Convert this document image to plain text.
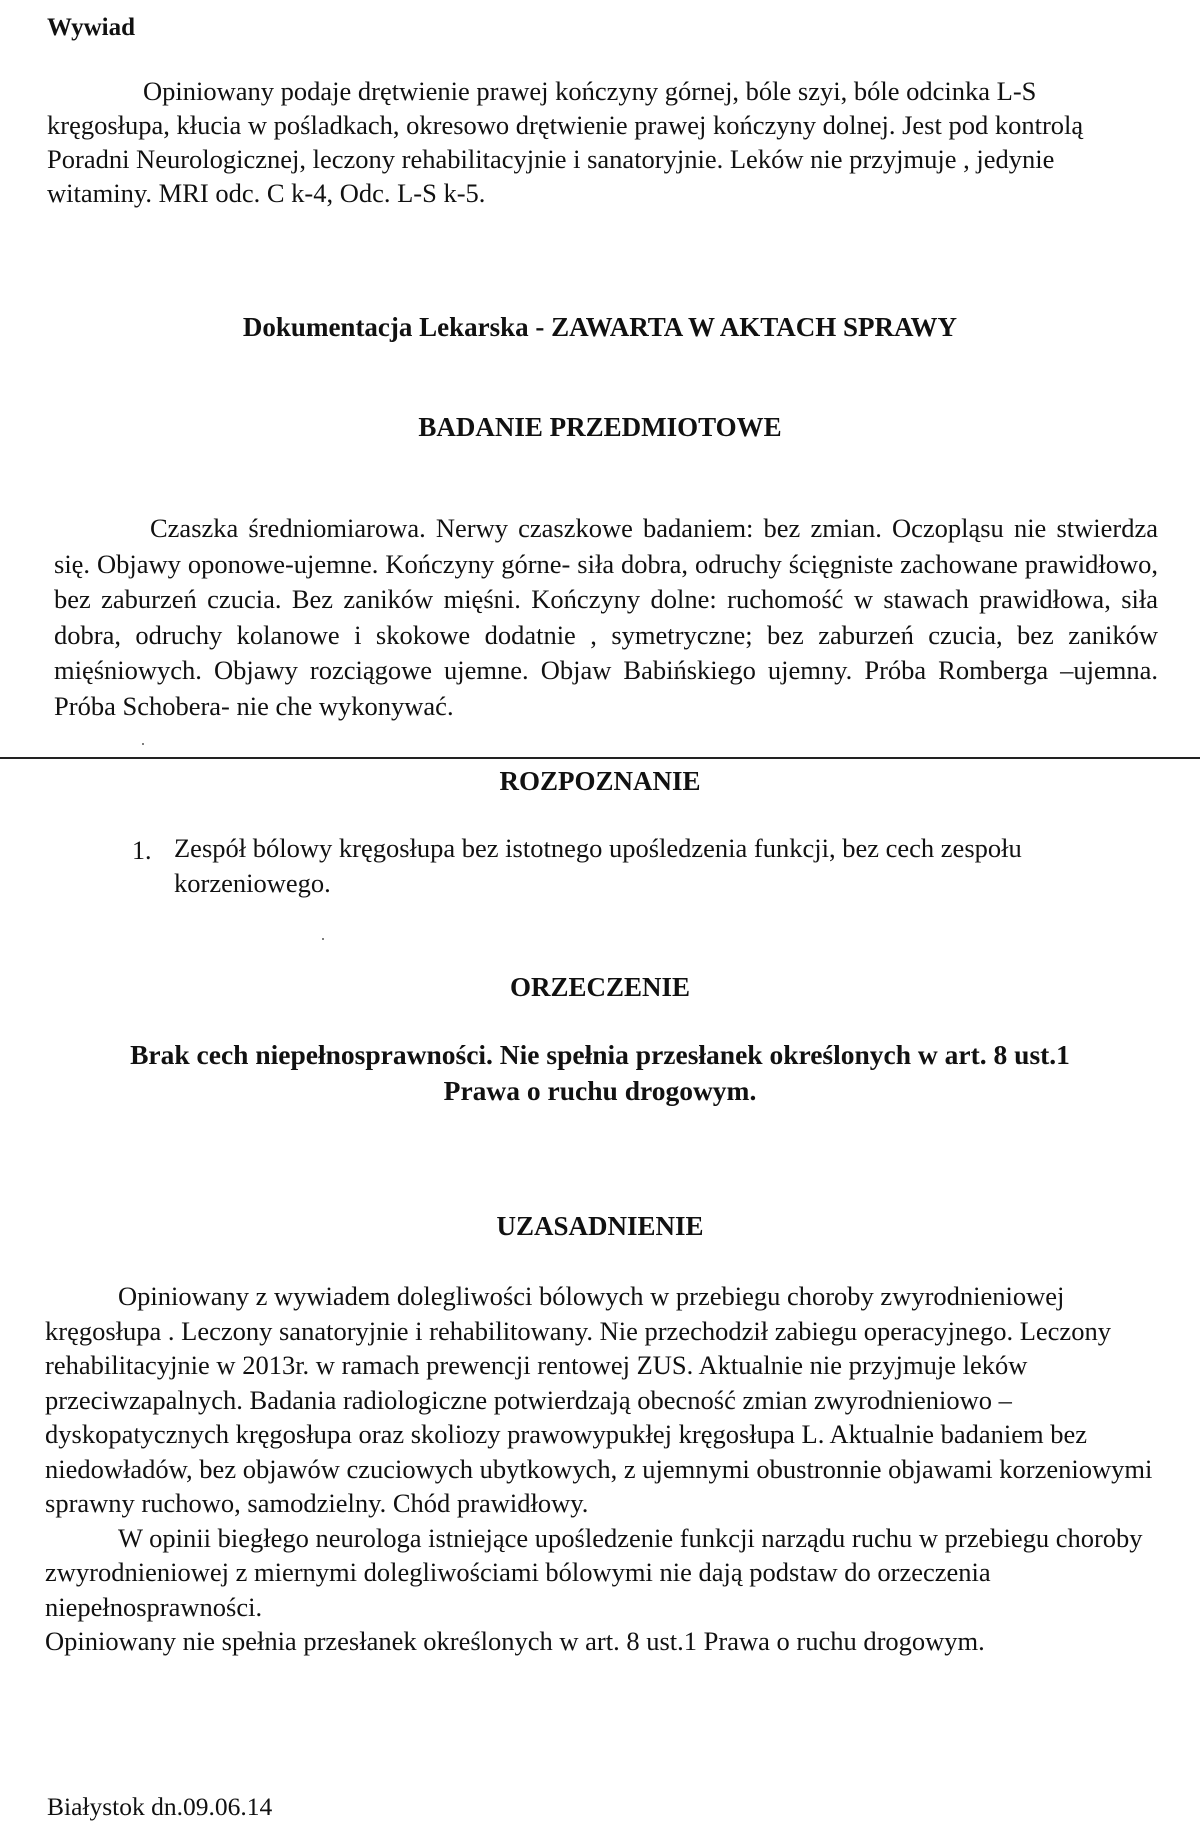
Wywiad

Opiniowany podaje drętwienie prawej kończyny górnej, bóle szyi, bóle odcinka L-S kręgosłupa, kłucia w pośladkach, okresowo drętwienie prawej kończyny dolnej. Jest pod kontrolą Poradni Neurologicznej, leczony rehabilitacyjnie i sanatoryjnie. Leków nie przyjmuje , jedynie witaminy. MRI odc. C k-4, Odc. L-S k-5.

Dokumentacja Lekarska - ZAWARTA W AKTACH SPRAWY
BADANIE PRZEDMIOTOWE

Czaszka średniomiarowa. Nerwy czaszkowe badaniem: bez zmian. Oczopląsu nie stwierdza się. Objawy oponowe-ujemne. Kończyny górne- siła dobra, odruchy ścięgniste zachowane prawidłowo, bez zaburzeń czucia. Bez zaników mięśni. Kończyny dolne: ruchomość w stawach prawidłowa, siła dobra, odruchy kolanowe i skokowe dodatnie , symetryczne; bez zaburzeń czucia, bez zaników mięśniowych. Objawy rozciągowe ujemne. Objaw Babińskiego ujemny. Próba Romberga –ujemna. Próba Schobera- nie che wykonywać.

ROZPOZNANIE
1. Zespół bólowy kręgosłupa bez istotnego upośledzenia funkcji, bez cech zespołu korzeniowego.
ORZECZENIE
Brak cech niepełnosprawności. Nie spełnia przesłanek określonych w art. 8 ust.1
Prawa o ruchu drogowym.
UZASADNIENIE

Opiniowany z wywiadem dolegliwości bólowych w przebiegu choroby zwyrodnieniowej kręgosłupa . Leczony sanatoryjnie i rehabilitowany. Nie przechodził zabiegu operacyjnego. Leczony rehabilitacyjnie w 2013r. w ramach prewencji rentowej ZUS. Aktualnie nie przyjmuje leków przeciwzapalnych. Badania radiologiczne potwierdzają obecność zmian zwyrodnieniowo – dyskopatycznych kręgosłupa oraz skoliozy prawowypukłej kręgosłupa L. Aktualnie badaniem bez niedowładów, bez objawów czuciowych ubytkowych, z ujemnymi obustronnie objawami korzeniowymi sprawny ruchowo, samodzielny. Chód prawidłowy.

W opinii biegłego neurologa istniejące upośledzenie funkcji narządu ruchu w przebiegu choroby zwyrodnieniowej z miernymi dolegliwościami bólowymi nie dają podstaw do orzeczenia niepełnosprawności.

Opiniowany nie spełnia przesłanek określonych w art. 8 ust.1 Prawa o ruchu drogowym.

Białystok dn.09.06.14
